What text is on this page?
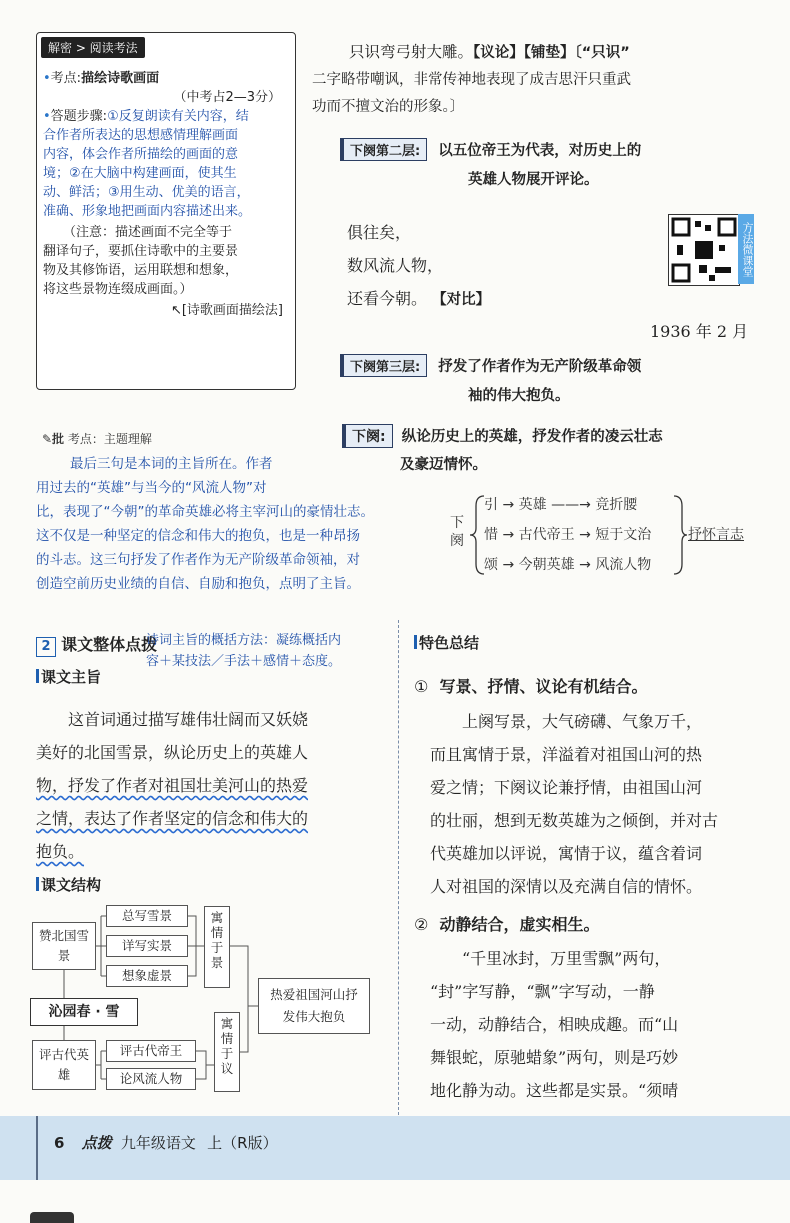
解密 > 阅读考法
•考点:描绘诗歌画面
（中考占2—3分）
•答题步骤:①反复朗读有关内容，结
合作者所表达的思想感情理解画面
内容，体会作者所描绘的画面的意
境；②在大脑中构建画面，使其生
动、鲜活；③用生动、优美的语言，
准确、形象地把画面内容描述出来。
（注意：描述画面不完全等于
翻译句子，要抓住诗歌中的主要景
物及其修饰语，运用联想和想象，
将这些景物连缀成画面。）
↖[诗歌画面描绘法]
只识弯弓射大雕。【议论】【铺垫】〔“只识”
二字略带嘲讽，非常传神地表现了成吉思汗只重武
功而不擅文治的形象。〕
下阕第二层: 以五位帝王为代表，对历史上的
英雄人物展开评论。
俱往矣，
数风流人物，
还看今朝。 【对比】
方法微课堂
1936 年 2 月
下阕第三层: 抒发了作者作为无产阶级革命领
袖的伟大抱负。
下阕: 纵论历史上的英雄，抒发作者的凌云壮志
及豪迈情怀。
✎批 考点：主题理解
最后三句是本词的主旨所在。作者
用过去的“英雄”与当今的“风流人物”对
比，表现了“今朝”的革命英雄必将主宰河山的豪情壮志。
这不仅是一种坚定的信念和伟大的抱负，也是一种昂扬
的斗志。这三句抒发了作者作为无产阶级革命领袖，对
创造空前历史业绩的自信、自励和抱负，点明了主旨。
下阕
引 → 英雄 ——→ 竞折腰
惜 → 古代帝王 → 短于文治
颂 → 今朝英雄 → 风流人物
抒怀言志
2 课文整体点拨
诗词主旨的概括方法：凝练概括内
容＋某技法／手法＋感情＋态度。
课文主旨
这首词通过描写雄伟壮阔而又妖娆
美好的北国雪景，纵论历史上的英雄人
物，抒发了作者对祖国壮美河山的热爱
之情，表达了作者坚定的信念和伟大的
抱负。
课文结构
赞北国雪景
总写雪景
详写实景
想象虚景
寓情于景
沁园春 · 雪
评古代英雄
评古代帝王
论风流人物
寓情于议
热爱祖国河山抒发伟大抱负
特色总结
① 写景、抒情、议论有机结合。
上阕写景，大气磅礴、气象万千，
而且寓情于景，洋溢着对祖国山河的热
爱之情；下阕议论兼抒情，由祖国山河
的壮丽，想到无数英雄为之倾倒，并对古
代英雄加以评说，寓情于议，蕴含着词
人对祖国的深情以及充满自信的情怀。
② 动静结合，虚实相生。
“千里冰封，万里雪飘”两句，
“封”字写静，“飘”字写动，一静
一动，动静结合，相映成趣。而“山
舞银蛇，原驰蜡象”两句，则是巧妙
地化静为动。这些都是实景。“须晴
6 点拨 九年级语文 上（R版）
